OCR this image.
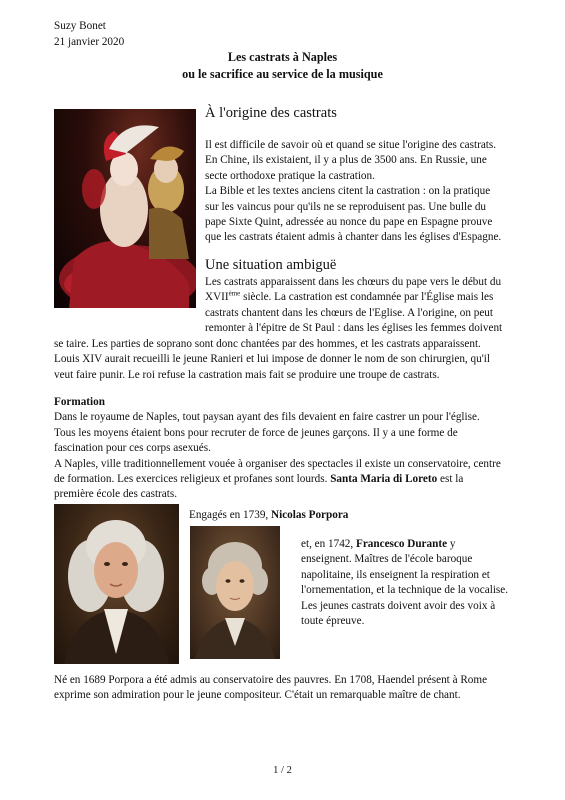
Suzy Bonet
21 janvier 2020
Les castrats à Naples
ou le sacrifice au service de la musique
À l'origine des castrats
Il est difficile de savoir où et quand se situe l'origine des castrats.
En Chine, ils existaient, il y a plus de 3500 ans. En Russie, une
secte orthodoxe pratique la castration.
La Bible et les textes anciens citent la castration : on la pratique
sur les vaincus pour qu'ils ne se reproduisent pas. Une bulle du
pape Sixte Quint, adressée au nonce du pape en Espagne prouve
que les castrats étaient admis à chanter dans les églises d'Espagne.
Une situation ambiguë
Les castrats apparaissent dans les chœurs du pape vers le début du
XVIIème siècle. La castration est condamnée par l'Église mais les
castrats chantent dans les chœurs de l'Eglise. A l'origine, on peut
remonter à l'épitre de St Paul : dans les églises les femmes doivent
se taire. Les parties de soprano sont donc chantées par des hommes, et les castrats apparaissent.
Louis XIV aurait recueilli le jeune Ranieri et lui impose de donner le nom de son chirurgien, qu'il
veut faire punir. Le roi refuse la castration mais fait se produire une troupe de castrats.
Formation
Dans le royaume de Naples, tout paysan ayant des fils devaient en faire castrer un pour l'église.
Tous les moyens étaient bons pour recruter de force de jeunes garçons. Il y a une forme de
fascination pour ces corps asexués.
A Naples, ville traditionnellement vouée à organiser des spectacles il existe un conservatoire, centre
de formation. Les exercices religieux et profanes sont lourds. Santa Maria di Loreto est la
première école des castrats.
Engagés en 1739, Nicolas Porpora
et, en 1742, Francesco Durante y
enseignent. Maîtres de l'école baroque
napolitaine, ils enseignent la respiration et
l'ornementation, et la technique de la vocalise.
Les jeunes castrats doivent avoir des voix à
toute épreuve.
Né en 1689 Porpora a été admis au conservatoire des pauvres. En 1708, Haendel présent à Rome
exprime son admiration pour le jeune compositeur. C'était un remarquable maître de chant.
1 / 2
